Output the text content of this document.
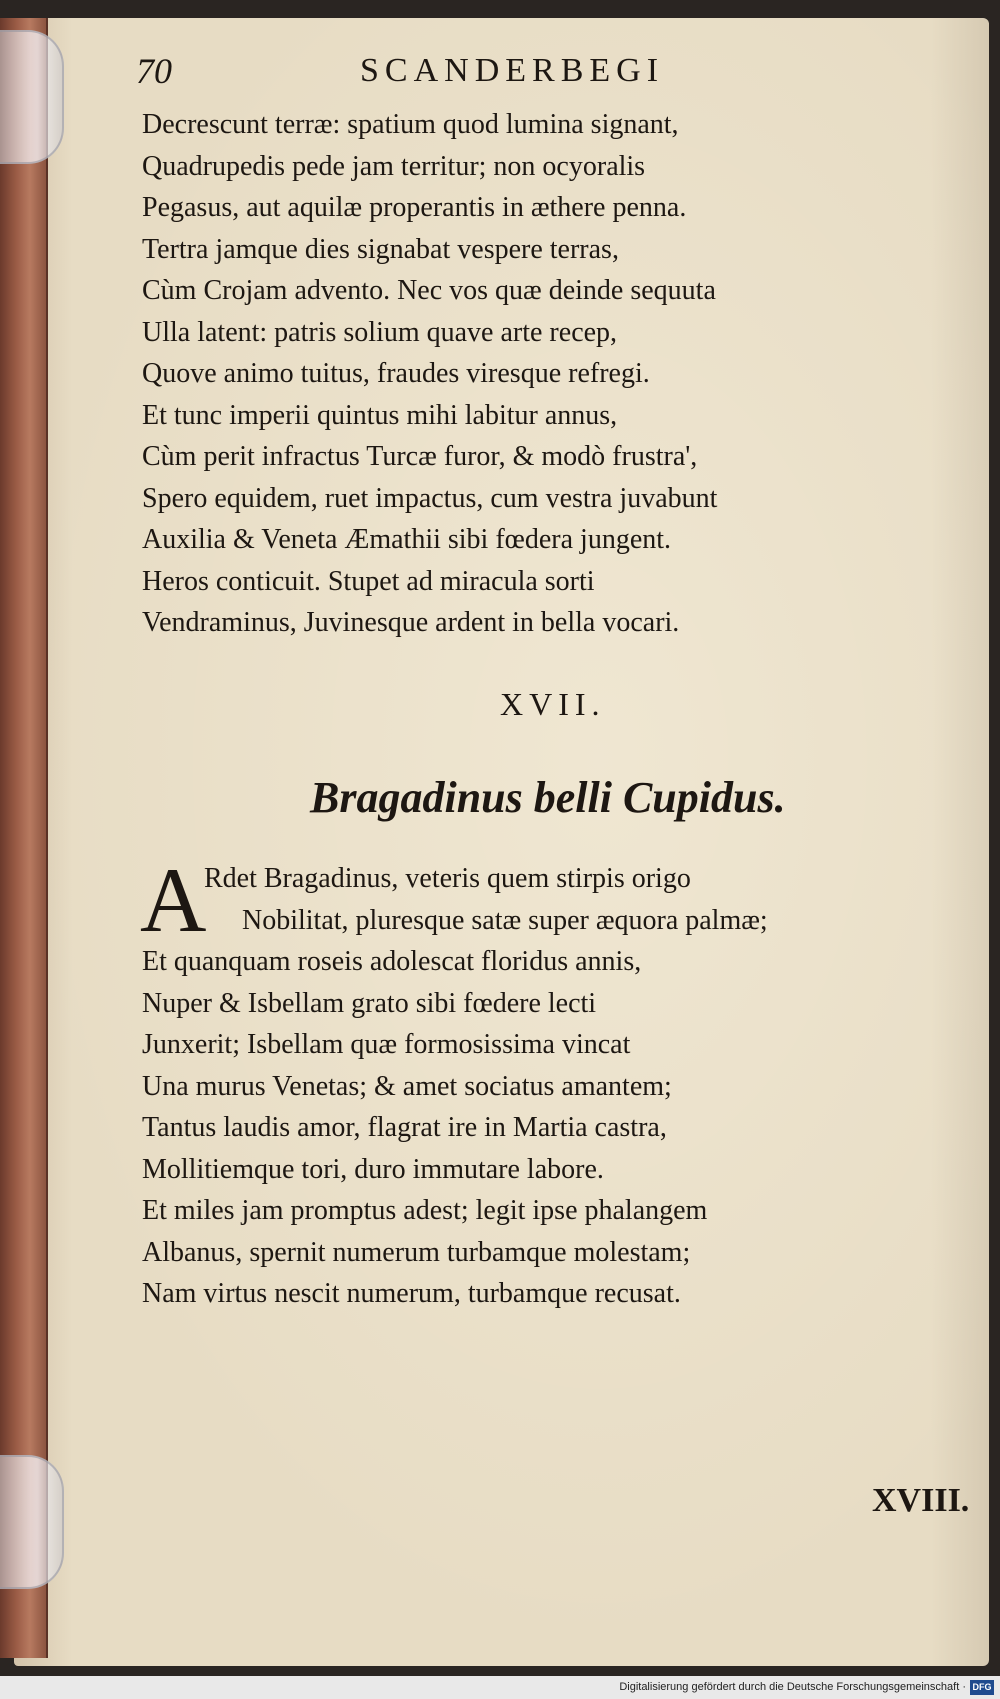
70	SCANDERBEGI
Decrescunt terræ: spatium quod lumina signant,
Quadrupedis pede jam territur; non ocyoralis
Pegasus, aut aquilæ properantis in æthere penna.
Tertra jamque dies signabat vespere terras,
Cùm Crojam advento. Nec vos quæ deinde sequuta
Ulla latent: patris solium quave arte recep,
Quove animo tuitus, fraudes viresque refregi.
Et tunc imperii quintus mihi labitur annus,
Cùm perit infractus Turcæ furor, & modò frustra',
Spero equidem, ruet impactus, cum vestra juvabunt
Auxilia & Veneta Æmathii sibi fœdera jungent.
Heros conticuit. Stupet ad miracula sorti
Vendraminus, Juvinesque ardent in bella vocari.
XVII.
Bragadinus belli Cupidus.
A
Rdet Bragadinus, veteris quem stirpis origo
Nobilitat, pluresque satæ super æquora palmæ;
Et quanquam roseis adolescat floridus annis,
Nuper & Isbellam grato sibi fœdere lecti
Junxerit; Isbellam quæ formosissima vincat
Una murus Venetas; & amet sociatus amantem;
Tantus laudis amor, flagrat ire in Martia castra,
Mollitiemque tori, duro immutare labore.
Et miles jam promptus adest; legit ipse phalangem
Albanus, spernit numerum turbamque molestam;
Nam virtus nescit numerum, turbamque recusat.
XVIII.
Digitalisierung gefördert durch die Deutsche Forschungsgemeinschaft · DFG
